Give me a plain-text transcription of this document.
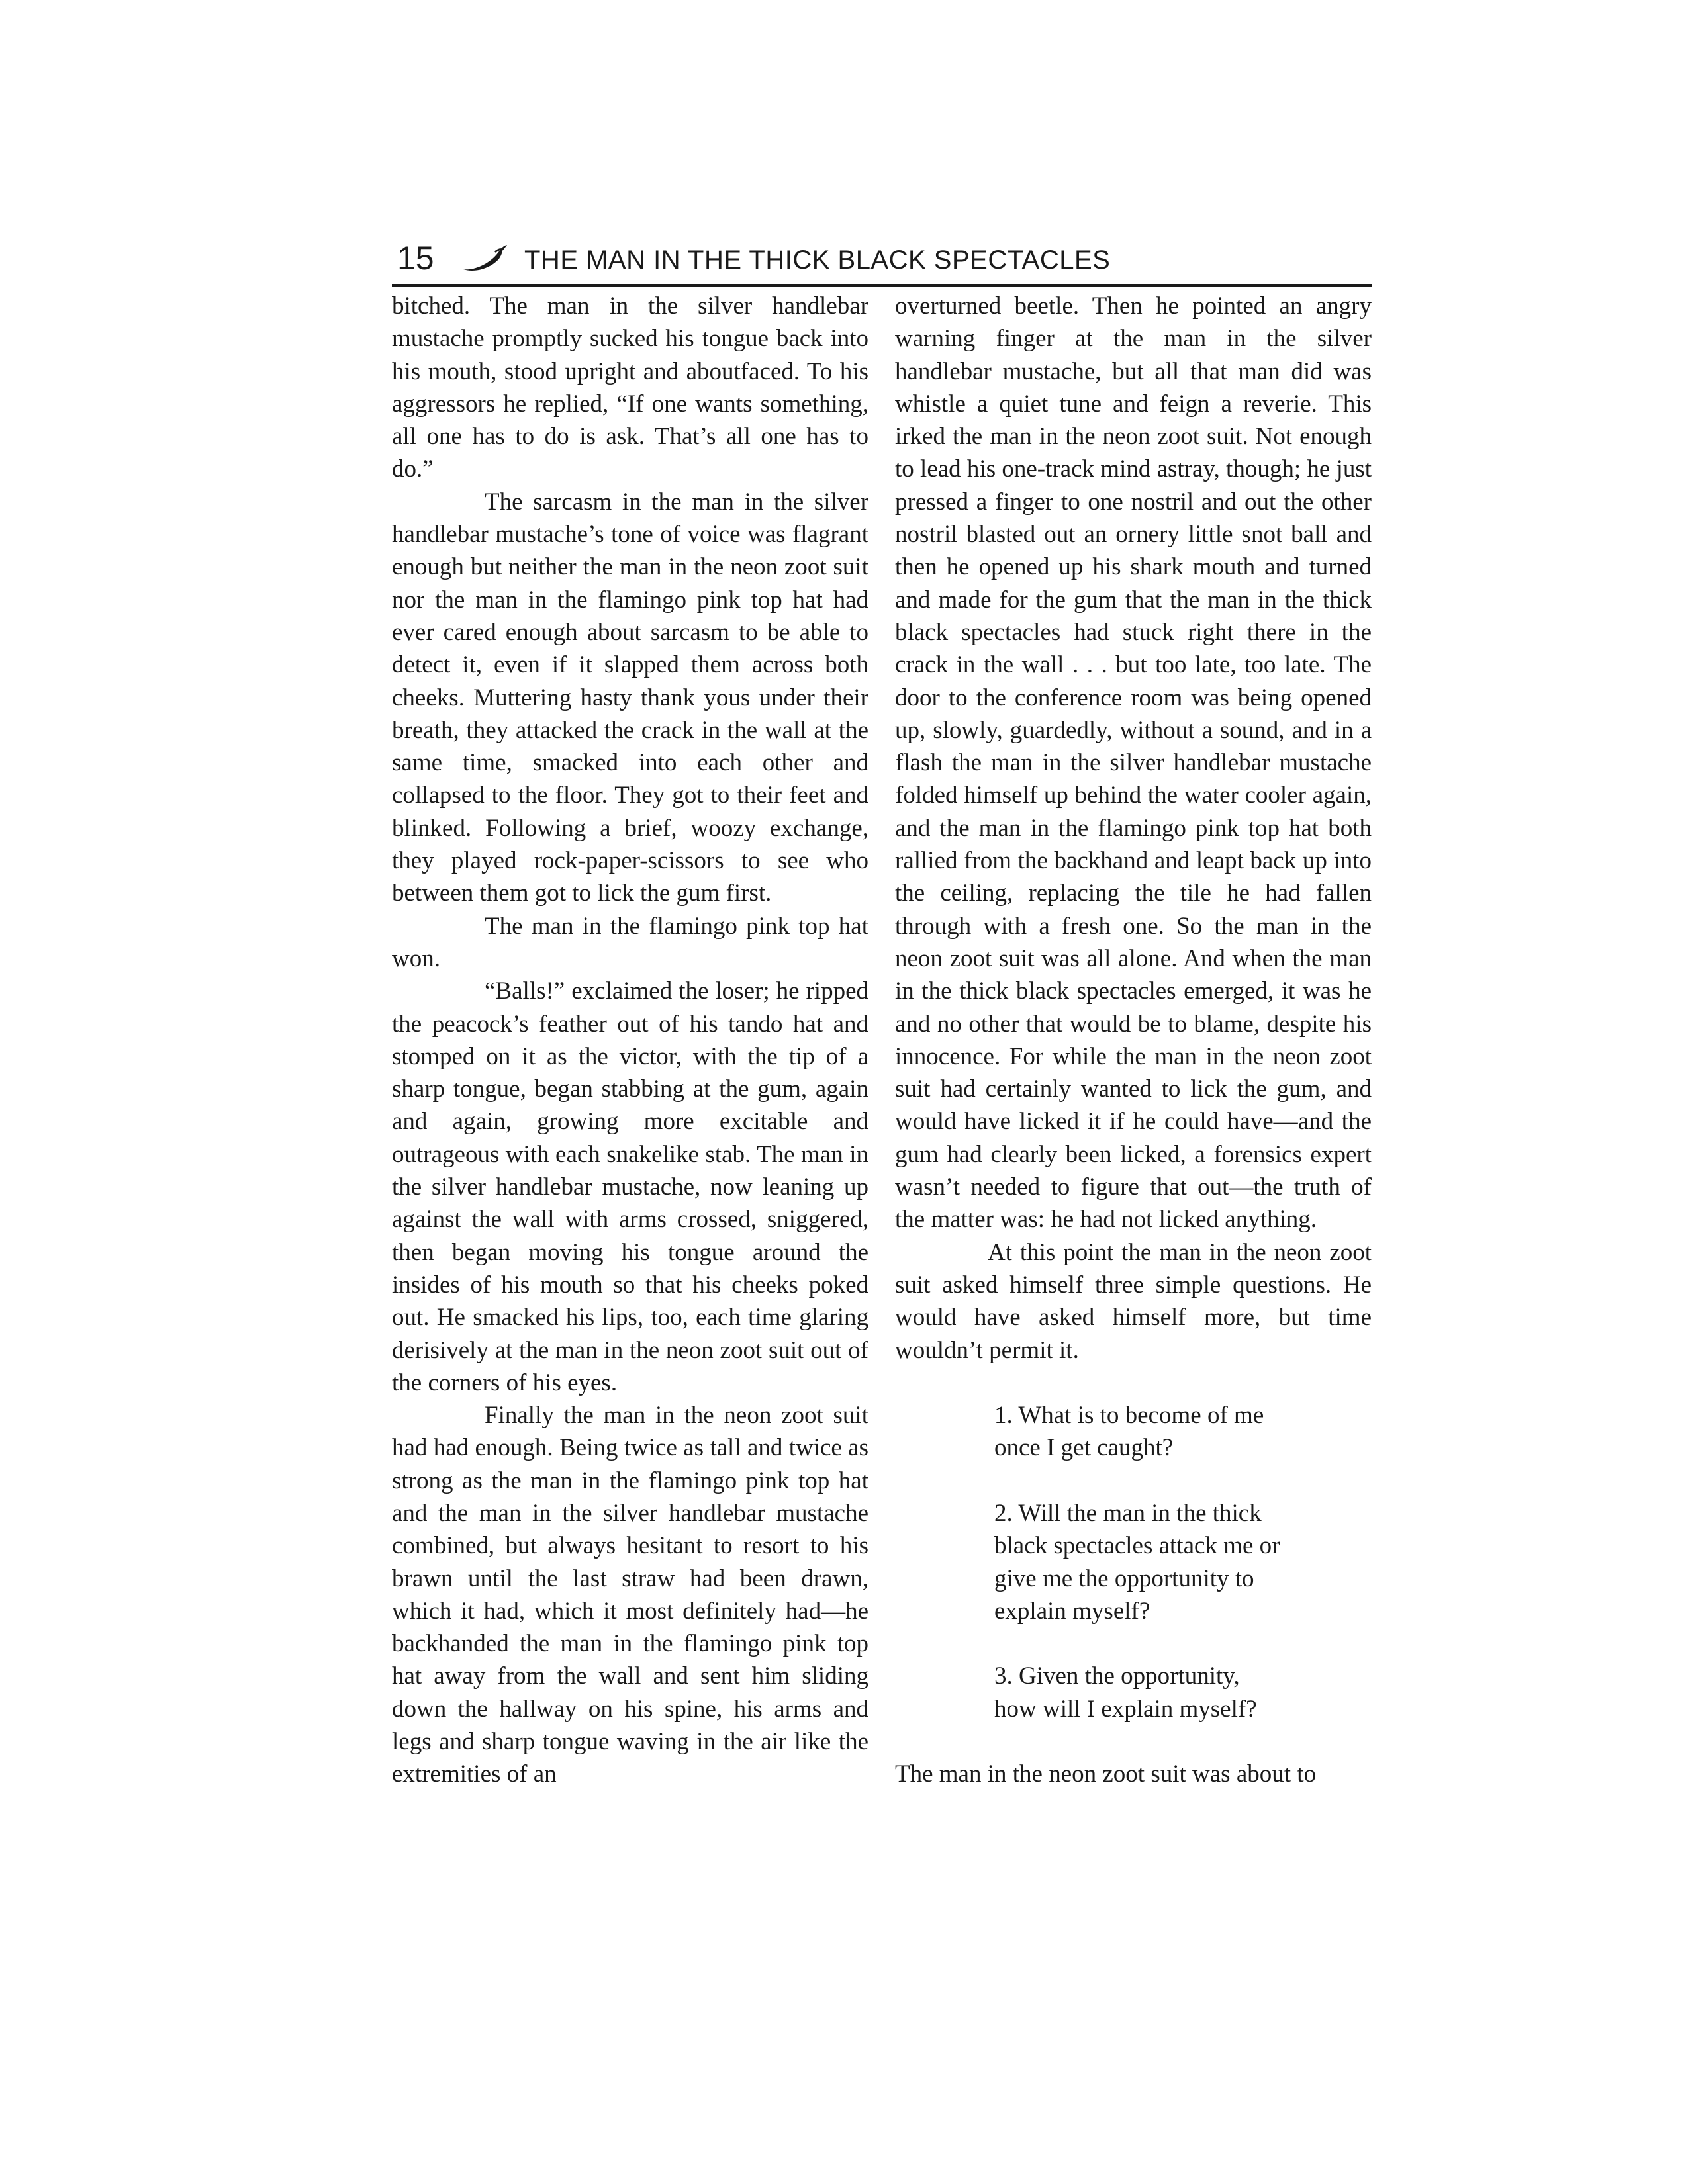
15	THE MAN IN THE THICK BLACK SPECTACLES

bitched. The man in the silver handlebar mustache promptly sucked his tongue back into his mouth, stood upright and aboutfaced. To his aggressors he replied, “If one wants something, all one has to do is ask. That’s all one has to do.”

The sarcasm in the man in the silver handlebar mustache’s tone of voice was flagrant enough but neither the man in the neon zoot suit nor the man in the flamingo pink top hat had ever cared enough about sarcasm to be able to detect it, even if it slapped them across both cheeks. Muttering hasty thank yous under their breath, they attacked the crack in the wall at the same time, smacked into each other and collapsed to the floor. They got to their feet and blinked. Following a brief, woozy exchange, they played rock-paper-scissors to see who between them got to lick the gum first.

The man in the flamingo pink top hat won.

“Balls!” exclaimed the loser; he ripped the peacock’s feather out of his tando hat and stomped on it as the victor, with the tip of a sharp tongue, began stabbing at the gum, again and again, growing more excitable and outrageous with each snakelike stab. The man in the silver handlebar mustache, now leaning up against the wall with arms crossed, sniggered, then began moving his tongue around the insides of his mouth so that his cheeks poked out. He smacked his lips, too, each time glaring derisively at the man in the neon zoot suit out of the corners of his eyes.

Finally the man in the neon zoot suit had had enough. Being twice as tall and twice as strong as the man in the flamingo pink top hat and the man in the silver handlebar mustache combined, but always hesitant to resort to his brawn until the last straw had been drawn, which it had, which it most definitely had—he backhanded the man in the flamingo pink top hat away from the wall and sent him sliding down the hallway on his spine, his arms and legs and sharp tongue waving in the air like the extremities of an

overturned beetle. Then he pointed an angry warning finger at the man in the silver handlebar mustache, but all that man did was whistle a quiet tune and feign a reverie. This irked the man in the neon zoot suit. Not enough to lead his one-track mind astray, though; he just pressed a finger to one nostril and out the other nostril blasted out an ornery little snot ball and then he opened up his shark mouth and turned and made for the gum that the man in the thick black spectacles had stuck right there in the crack in the wall . . . but too late, too late. The door to the conference room was being opened up, slowly, guardedly, without a sound, and in a flash the man in the silver handlebar mustache folded himself up behind the water cooler again, and the man in the flamingo pink top hat both rallied from the backhand and leapt back up into the ceiling, replacing the tile he had fallen through with a fresh one. So the man in the neon zoot suit was all alone. And when the man in the thick black spectacles emerged, it was he and no other that would be to blame, despite his innocence. For while the man in the neon zoot suit had certainly wanted to lick the gum, and would have licked it if he could have—and the gum had clearly been licked, a forensics expert wasn’t needed to figure that out—the truth of the matter was: he had not licked anything.

At this point the man in the neon zoot suit asked himself three simple questions. He would have asked himself more, but time wouldn’t permit it.

1. What is to become of me once I get caught?
2. Will the man in the thick black spectacles attack me or give me the opportunity to explain myself?
3. Given the opportunity, how will I explain myself?

The man in the neon zoot suit was about to
